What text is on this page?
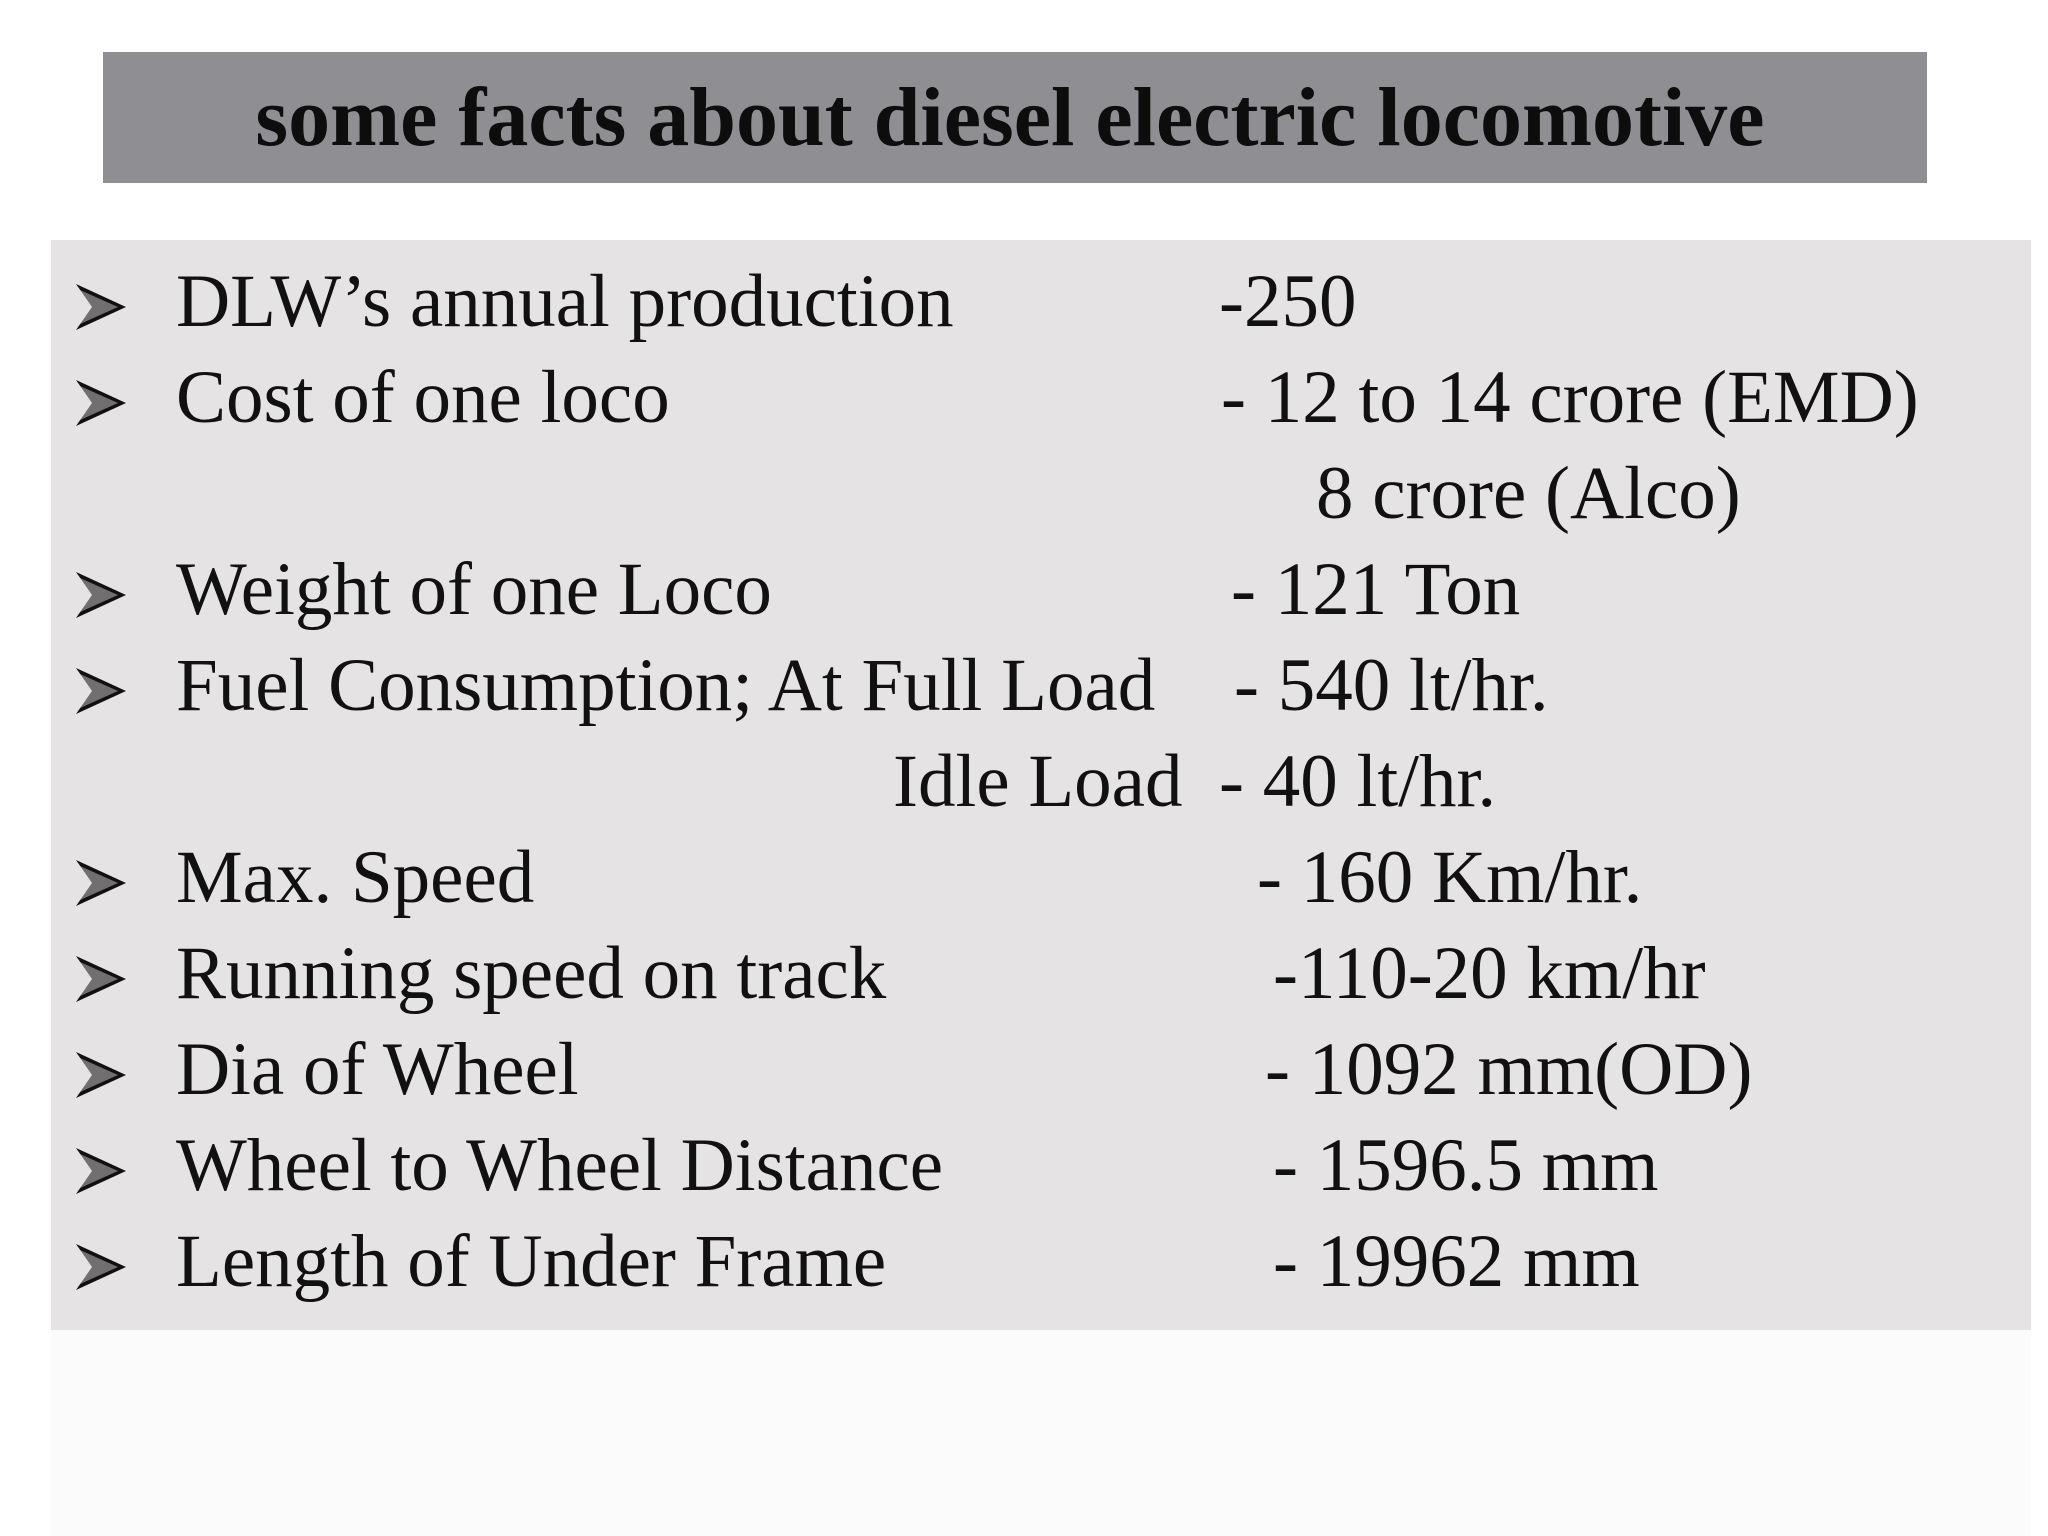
some facts about diesel electric locomotive
DLW’s annual production	-250
Cost of one loco	- 12 to 14 crore (EMD)
8 crore (Alco)
Weight of one Loco	- 121 Ton
Fuel Consumption; At Full Load - 540 lt/hr.
Idle Load - 40 lt/hr.
Max. Speed	- 160 Km/hr.
Running speed on track	-110-20 km/hr
Dia of Wheel	- 1092 mm(OD)
Wheel to Wheel Distance	- 1596.5 mm
Length of Under Frame	- 19962 mm
